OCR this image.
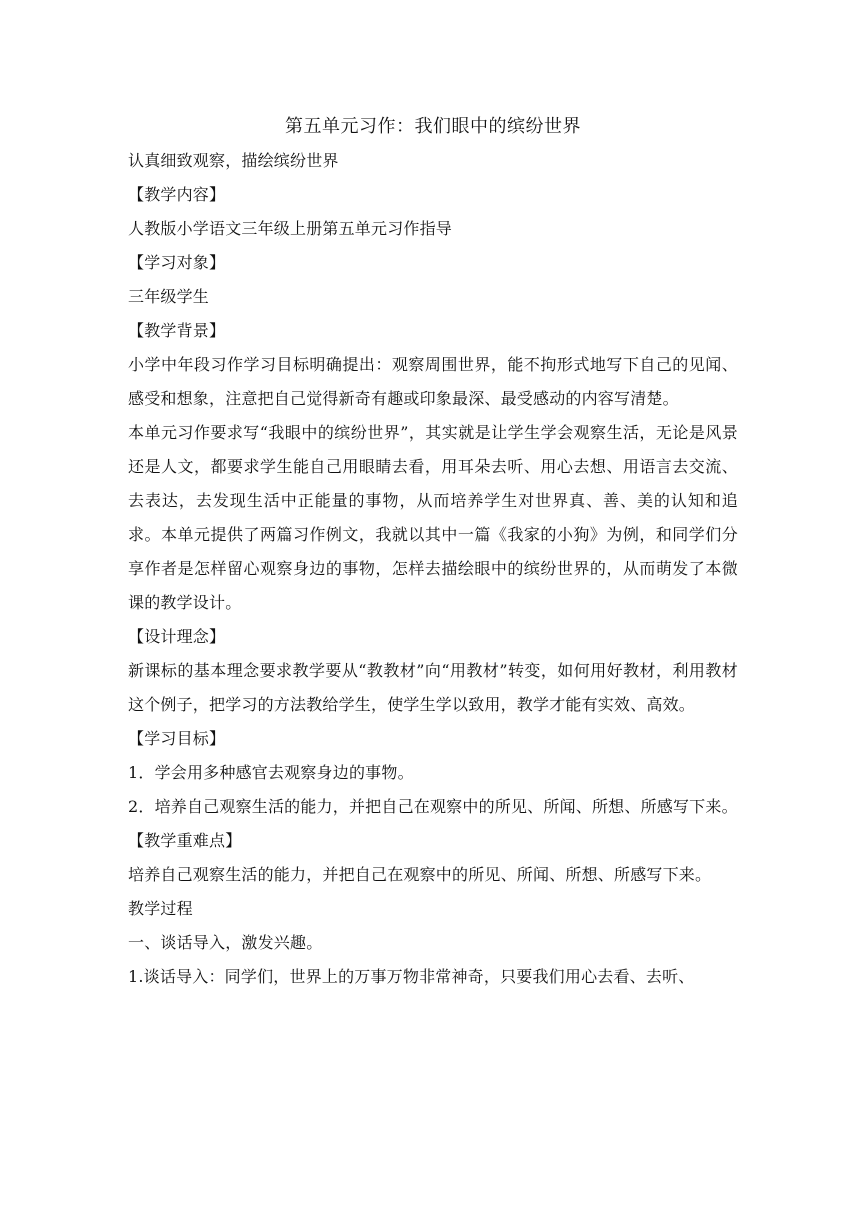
第五单元习作：我们眼中的缤纷世界
认真细致观察，描绘缤纷世界
【教学内容】
人教版小学语文三年级上册第五单元习作指导
【学习对象】
三年级学生
【教学背景】
小学中年段习作学习目标明确提出：观察周围世界，能不拘形式地写下自己的见闻、感受和想象，注意把自己觉得新奇有趣或印象最深、最受感动的内容写清楚。
本单元习作要求写“我眼中的缤纷世界”，其实就是让学生学会观察生活，无论是风景还是人文，都要求学生能自己用眼睛去看，用耳朵去听、用心去想、用语言去交流、去表达，去发现生活中正能量的事物，从而培养学生对世界真、善、美的认知和追求。本单元提供了两篇习作例文，我就以其中一篇《我家的小狗》为例，和同学们分享作者是怎样留心观察身边的事物，怎样去描绘眼中的缤纷世界的，从而萌发了本微课的教学设计。
【设计理念】
新课标的基本理念要求教学要从“教教材”向“用教材”转变，如何用好教材，利用教材这个例子，把学习的方法教给学生，使学生学以致用，教学才能有实效、高效。
【学习目标】
1．学会用多种感官去观察身边的事物。
2．培养自己观察生活的能力，并把自己在观察中的所见、所闻、所想、所感写下来。
【教学重难点】
培养自己观察生活的能力，并把自己在观察中的所见、所闻、所想、所感写下来。
教学过程
一、谈话导入，激发兴趣。
1.谈话导入：同学们，世界上的万事万物非常神奇，只要我们用心去看、去听、
